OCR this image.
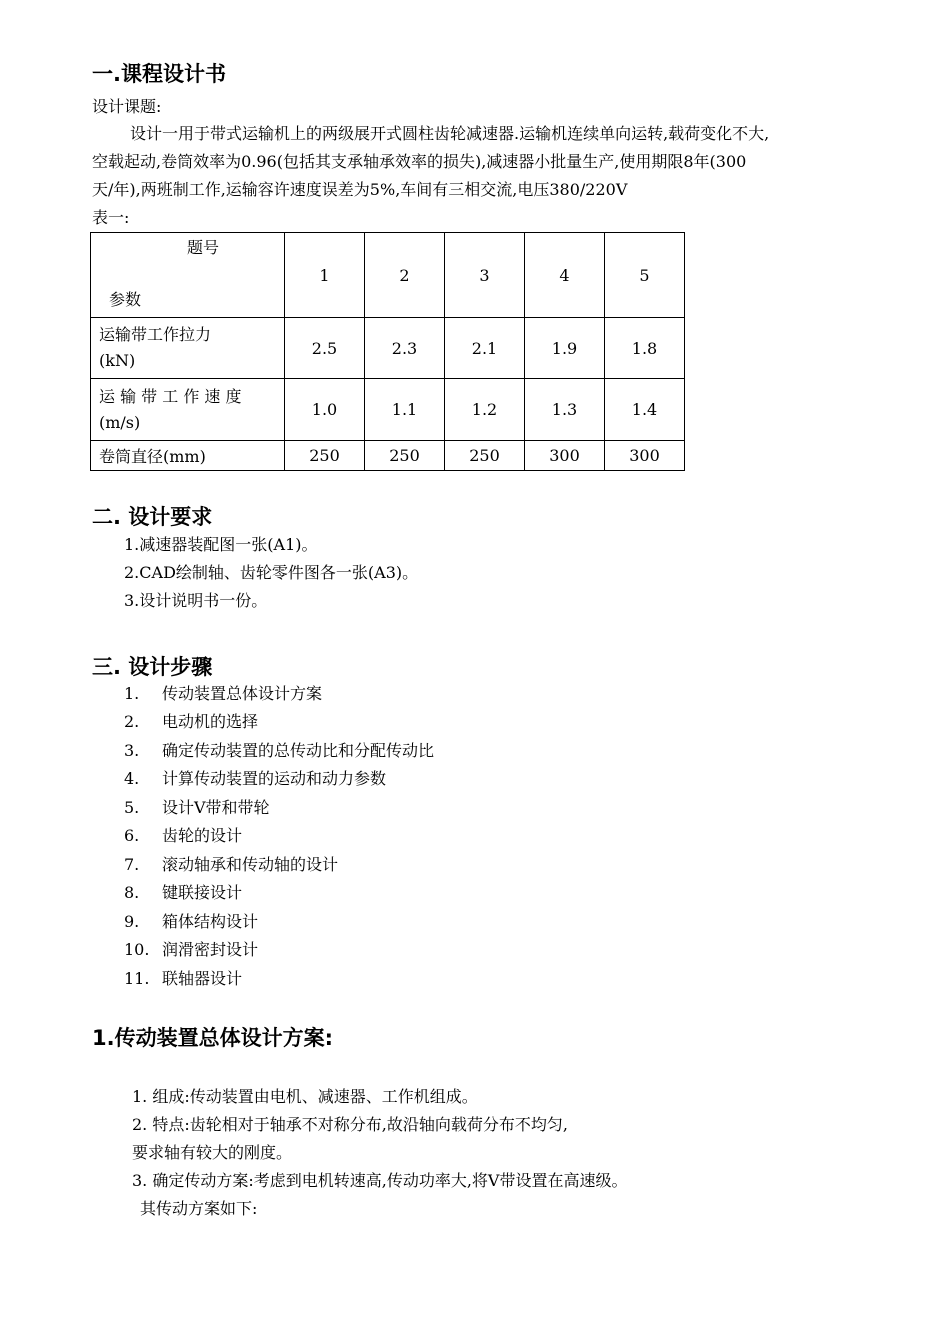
一.课程设计书
设计课题:
设计一用于带式运输机上的两级展开式圆柱齿轮减速器.运输机连续单向运转,载荷变化不大,
空载起动,卷筒效率为0.96(包括其支承轴承效率的损失),减速器小批量生产,使用期限8年(300
天/年),两班制工作,运输容许速度误差为5%,车间有三相交流,电压380/220V
表一:
题号
参数	1	2	3	4	5

运输带工作拉力
(kN)	2.5	2.3	2.1	1.9	1.8

运 输 带 工 作 速 度
(m/s)	1.0	1.1	1.2	1.3	1.4
卷筒直径(mm)	250	250	250	300	300
二. 设计要求
1.减速器装配图一张(A1)。
2.CAD绘制轴、齿轮零件图各一张(A3)。
3.设计说明书一份。
三. 设计步骤
1. 传动装置总体设计方案
2. 电动机的选择
3. 确定传动装置的总传动比和分配传动比
4. 计算传动装置的运动和动力参数
5. 设计V带和带轮
6. 齿轮的设计
7. 滚动轴承和传动轴的设计
8. 键联接设计
9. 箱体结构设计
10. 润滑密封设计
11. 联轴器设计
1.传动装置总体设计方案:
1. 组成:传动装置由电机、减速器、工作机组成。
2. 特点:齿轮相对于轴承不对称分布,故沿轴向载荷分布不均匀,
要求轴有较大的刚度。
3. 确定传动方案:考虑到电机转速高,传动功率大,将V带设置在高速级。
其传动方案如下:
